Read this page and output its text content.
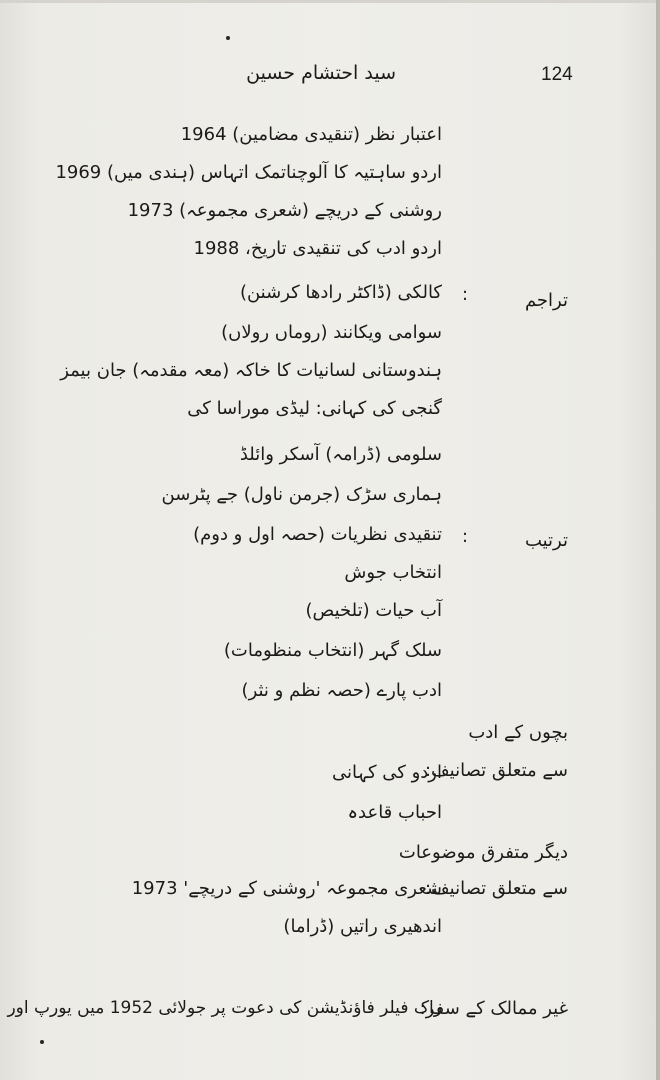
124
سید احتشام حسین
اعتبار نظر (تنقیدی مضامین) 1964
اردو ساہتیہ کا آلوچناتمک اتہاس (ہندی میں) 1969
روشنی کے دریچے (شعری مجموعہ) 1973
اردو ادب کی تنقیدی تاریخ، 1988
تراجم
:
کالکی (ڈاکٹر رادھا کرشنن)
سوامی ویکانند (روماں رولاں)
ہندوستانی لسانیات کا خاکہ (معہ مقدمہ) جان بیمز
گنجی کی کہانی: لیڈی موراسا کی
سلومی (ڈرامہ) آسکر وائلڈ
ہماری سڑک (جرمن ناول) جے پٹرسن
ترتیب
:
تنقیدی نظریات (حصہ اول و دوم)
انتخاب جوش
آب حیات (تلخیص)
سلک گہر (انتخاب منظومات)
ادب پارے (حصہ نظم و نثر)
بچوں کے ادب
سے متعلق تصانیف:
اردو کی کہانی
احباب قاعدہ
دیگر متفرق موضوعات
سے متعلق تصانیف:
شعری مجموعہ 'روشنی کے دریچے' 1973
اندھیری راتیں (ڈراما)
غیر ممالک کے سفر:
راک فیلر فاؤنڈیشن کی دعوت پر جولائی 1952 میں یورپ اور
